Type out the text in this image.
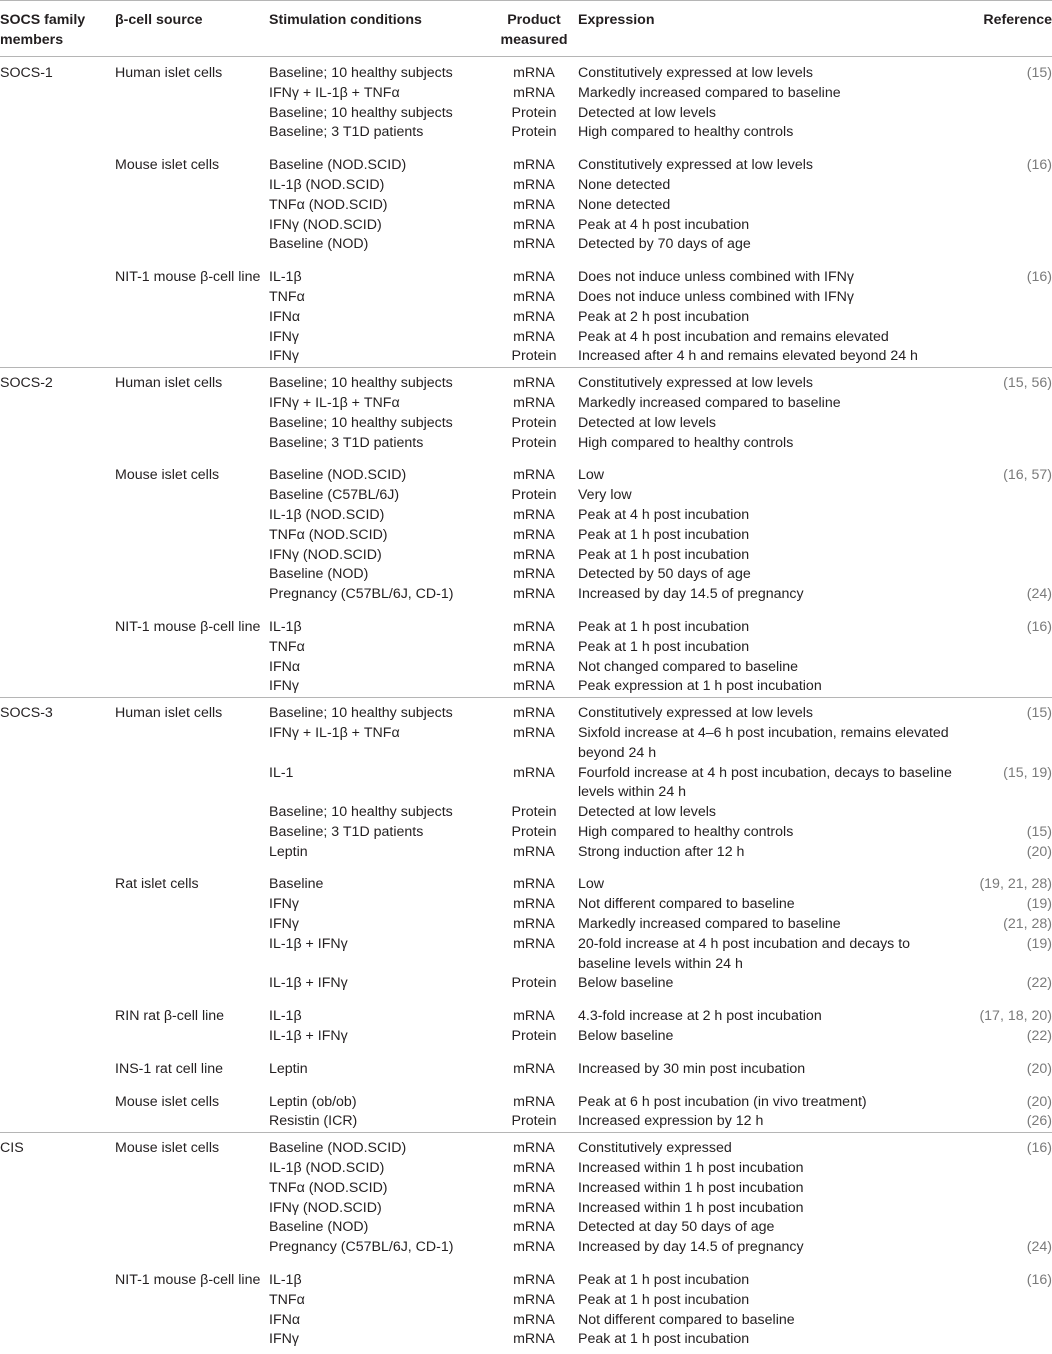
SOCS family members	β-cell source	Stimulation conditions	Product measured	Expression	Reference
SOCS-1	Human islet cells	Baseline; 10 healthy subjects	mRNA	Constitutively expressed at low levels	(15)
		IFNγ + IL-1β + TNFα	mRNA	Markedly increased compared to baseline	
		Baseline; 10 healthy subjects	Protein	Detected at low levels	
		Baseline; 3 T1D patients	Protein	High compared to healthy controls	
	Mouse islet cells	Baseline (NOD.SCID)	mRNA	Constitutively expressed at low levels	(16)
		IL-1β (NOD.SCID)	mRNA	None detected	
		TNFα (NOD.SCID)	mRNA	None detected	
		IFNγ (NOD.SCID)	mRNA	Peak at 4 h post incubation	
		Baseline (NOD)	mRNA	Detected by 70 days of age	
	NIT-1 mouse β-cell line	IL-1β	mRNA	Does not induce unless combined with IFNγ	(16)
		TNFα	mRNA	Does not induce unless combined with IFNγ	
		IFNα	mRNA	Peak at 2 h post incubation	
		IFNγ	mRNA	Peak at 4 h post incubation and remains elevated	
		IFNγ	Protein	Increased after 4 h and remains elevated beyond 24 h	
SOCS-2	Human islet cells	Baseline; 10 healthy subjects	mRNA	Constitutively expressed at low levels	(15, 56)
		IFNγ + IL-1β + TNFα	mRNA	Markedly increased compared to baseline	
		Baseline; 10 healthy subjects	Protein	Detected at low levels	
		Baseline; 3 T1D patients	Protein	High compared to healthy controls	
	Mouse islet cells	Baseline (NOD.SCID)	mRNA	Low	(16, 57)
		Baseline (C57BL/6J)	Protein	Very low	
		IL-1β (NOD.SCID)	mRNA	Peak at 4 h post incubation	
		TNFα (NOD.SCID)	mRNA	Peak at 1 h post incubation	
		IFNγ (NOD.SCID)	mRNA	Peak at 1 h post incubation	
		Baseline (NOD)	mRNA	Detected by 50 days of age	
		Pregnancy (C57BL/6J, CD-1)	mRNA	Increased by day 14.5 of pregnancy	(24)
	NIT-1 mouse β-cell line	IL-1β	mRNA	Peak at 1 h post incubation	(16)
		TNFα	mRNA	Peak at 1 h post incubation	
		IFNα	mRNA	Not changed compared to baseline	
		IFNγ	mRNA	Peak expression at 1 h post incubation	
SOCS-3	Human islet cells	Baseline; 10 healthy subjects	mRNA	Constitutively expressed at low levels	(15)
		IFNγ + IL-1β + TNFα	mRNA	Sixfold increase at 4–6 h post incubation, remains elevated beyond 24 h	
		IL-1	mRNA	Fourfold increase at 4 h post incubation, decays to baseline levels within 24 h	(15, 19)
		Baseline; 10 healthy subjects	Protein	Detected at low levels	
		Baseline; 3 T1D patients	Protein	High compared to healthy controls	(15)
		Leptin	mRNA	Strong induction after 12 h	(20)
	Rat islet cells	Baseline	mRNA	Low	(19, 21, 28)
		IFNγ	mRNA	Not different compared to baseline	(19)
		IFNγ	mRNA	Markedly increased compared to baseline	(21, 28)
		IL-1β + IFNγ	mRNA	20-fold increase at 4 h post incubation and decays to baseline levels within 24 h	(19)
		IL-1β + IFNγ	Protein	Below baseline	(22)
	RIN rat β-cell line	IL-1β	mRNA	4.3-fold increase at 2 h post incubation	(17, 18, 20)
		IL-1β + IFNγ	Protein	Below baseline	(22)
	INS-1 rat cell line	Leptin	mRNA	Increased by 30 min post incubation	(20)
	Mouse islet cells	Leptin (ob/ob)	mRNA	Peak at 6 h post incubation (in vivo treatment)	(20)
		Resistin (ICR)	Protein	Increased expression by 12 h	(26)
CIS	Mouse islet cells	Baseline (NOD.SCID)	mRNA	Constitutively expressed	(16)
		IL-1β (NOD.SCID)	mRNA	Increased within 1 h post incubation	
		TNFα (NOD.SCID)	mRNA	Increased within 1 h post incubation	
		IFNγ (NOD.SCID)	mRNA	Increased within 1 h post incubation	
		Baseline (NOD)	mRNA	Detected at day 50 days of age	
		Pregnancy (C57BL/6J, CD-1)	mRNA	Increased by day 14.5 of pregnancy	(24)
	NIT-1 mouse β-cell line	IL-1β	mRNA	Peak at 1 h post incubation	(16)
		TNFα	mRNA	Peak at 1 h post incubation	
		IFNα	mRNA	Not different compared to baseline	
		IFNγ	mRNA	Peak at 1 h post incubation	
